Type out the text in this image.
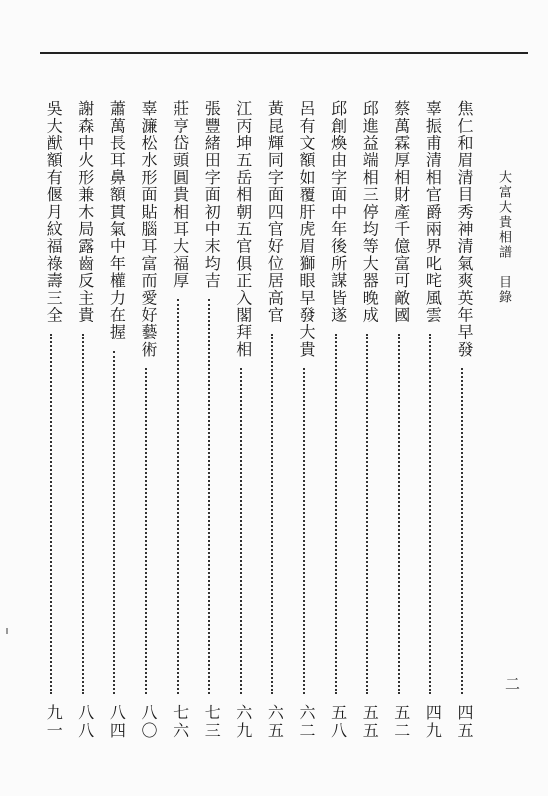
大富大貴相譜　目錄
二
焦仁和眉清目秀神清氣爽英年早發
四五
辜振甫清相官爵兩界叱咤風雲
四九
蔡萬霖厚相財產千億富可敵國
五二
邱進益端相三停均等大器晚成
五五
邱創煥由字面中年後所謀皆遂
五八
呂有文額如覆肝虎眉獅眼早發大貴
六二
黃昆輝同字面四官好位居高官
六五
江丙坤五岳相朝五官俱正入閣拜相
六九
張豐緒田字面初中末均吉
七三
莊亨岱頭圓貴相耳大福厚
七六
辜濂松水形面貼腦耳富而愛好藝術
八〇
蕭萬長耳鼻額貫氣中年權力在握
八四
謝森中火形兼木局露齒反主貴
八八
吳大猷額有偃月紋福祿壽三全
九一
